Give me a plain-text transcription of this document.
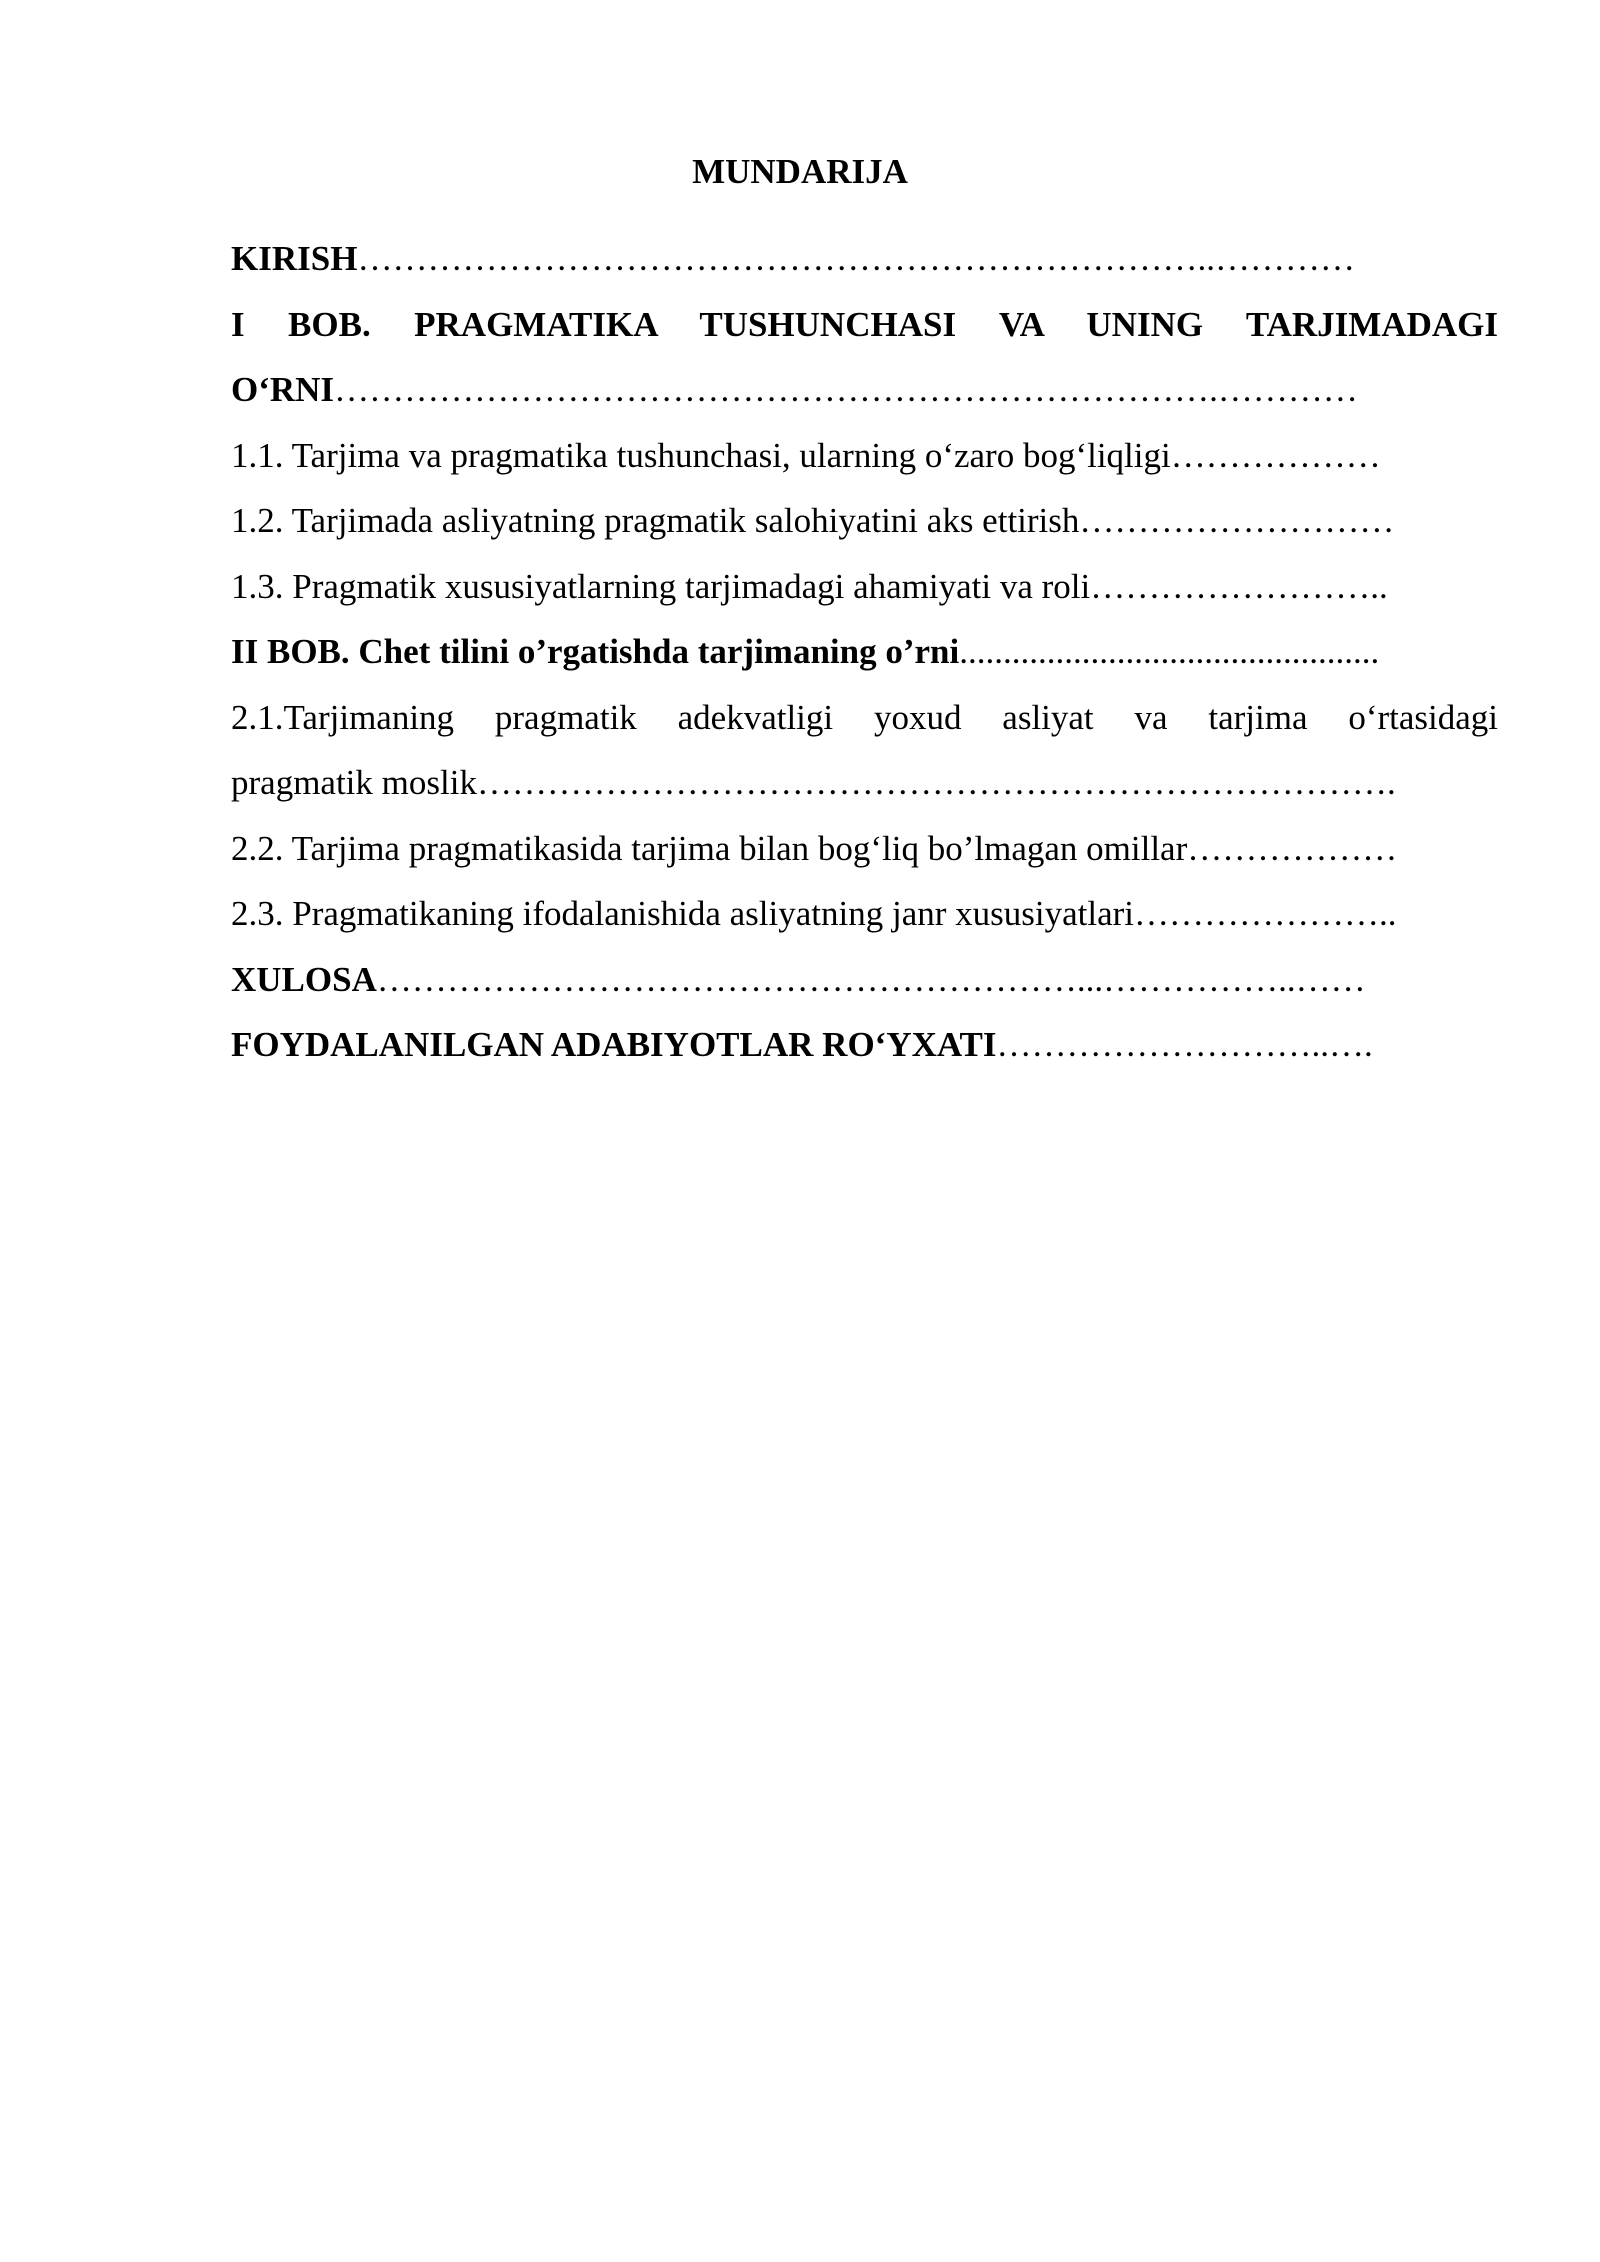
MUNDARIJA
KIRISH………………………………………………………………..…………
I BOB. PRAGMATIKA TUSHUNCHASI VA UNING TARJIMADAGI
O‘RNI………………………………………………………………….…………
1.1. Tarjima va pragmatika tushunchasi, ularning o‘zaro bog‘liqligi………………
1.2. Tarjimada asliyatning pragmatik salohiyatini aks ettirish………………………
1.3. Pragmatik xususiyatlarning tarjimadagi ahamiyati va roli……………………..
II BOB. Chet tilini o’rgatishda tarjimaning o’rni................................................
2.1.Tarjimaning pragmatik adekvatligi yoxud asliyat va tarjima o‘rtasidagi
pragmatik moslik…………………………………………………………………….
2.2. Tarjima pragmatikasida tarjima bilan bog‘liq bo’lmagan omillar………………
2.3. Pragmatikaning ifodalanishida asliyatning janr xususiyatlari…………………..
XULOSA……………………………………………………...……………..……
FOYDALANILGAN ADABIYOTLAR RO‘YXATI………………………..….
